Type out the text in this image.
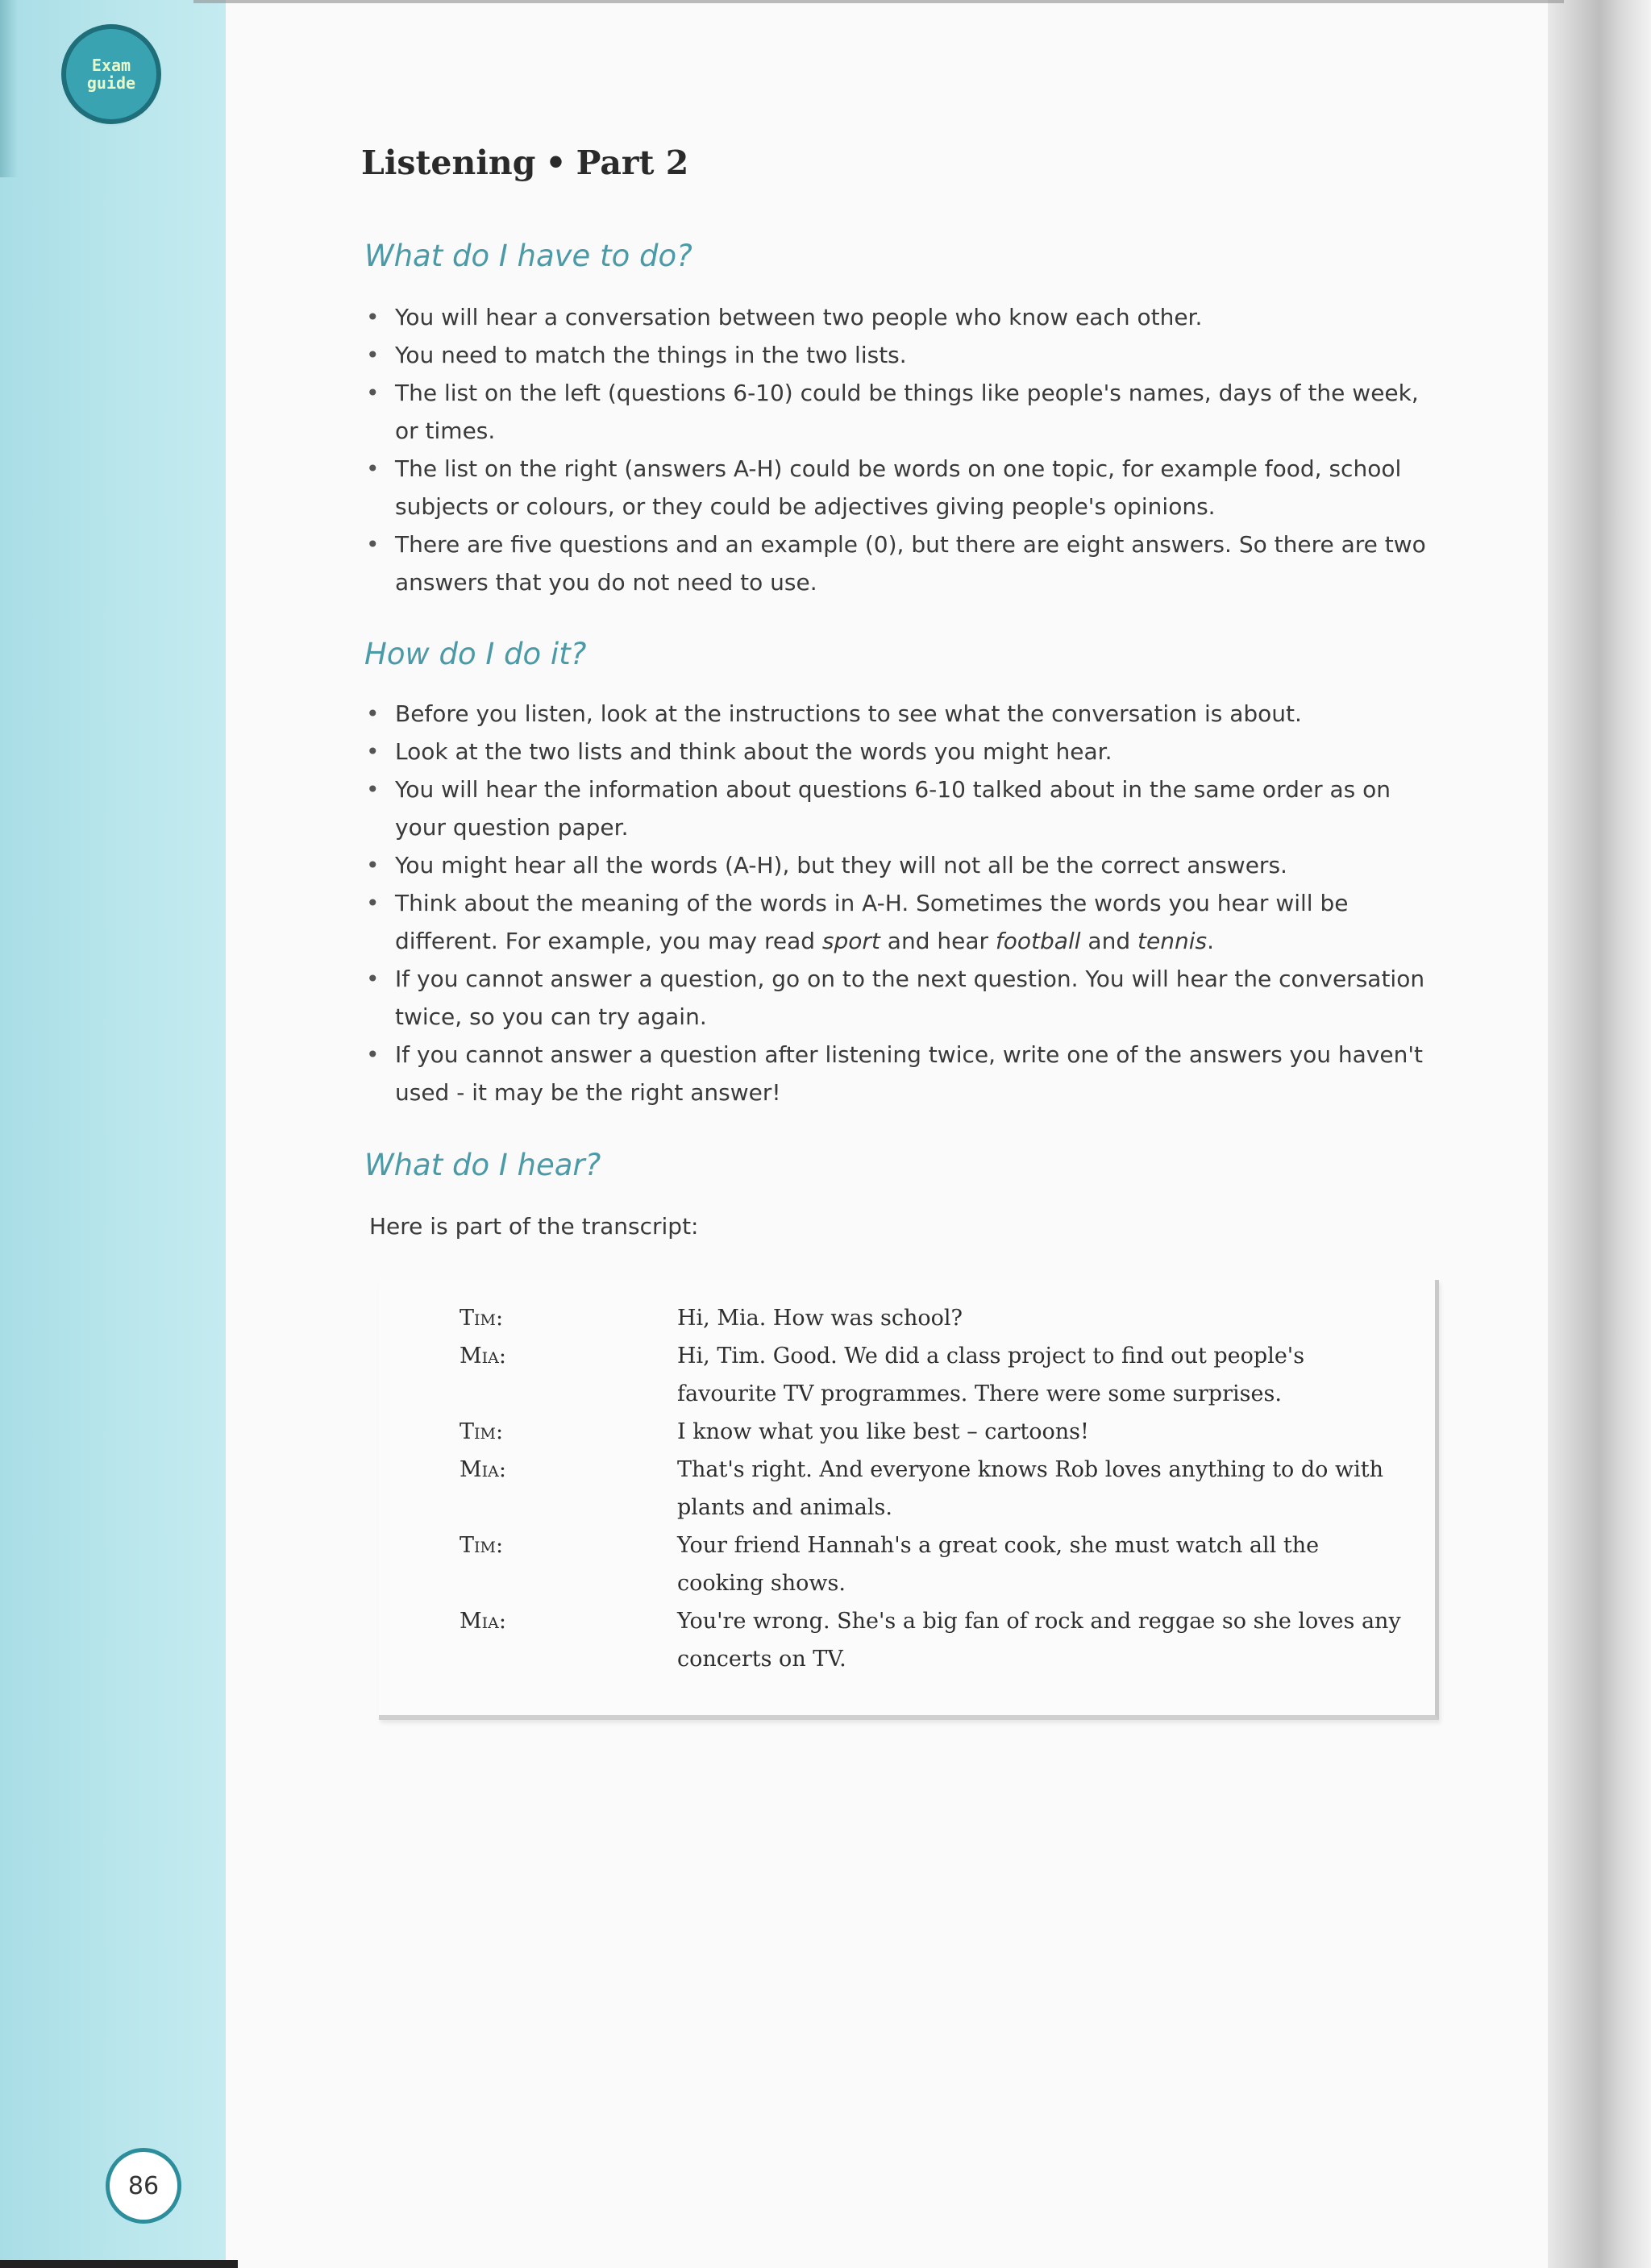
Exam
guide
86
Listening • Part 2
What do I have to do?
• You will hear a conversation between two people who know each other.
• You need to match the things in the two lists.
• The list on the left (questions 6-10) could be things like people's names, days of the week, or times.
• The list on the right (answers A-H) could be words on one topic, for example food, school subjects or colours, or they could be adjectives giving people's opinions.
• There are five questions and an example (0), but there are eight answers. So there are two answers that you do not need to use.
How do I do it?
• Before you listen, look at the instructions to see what the conversation is about.
• Look at the two lists and think about the words you might hear.
• You will hear the information about questions 6-10 talked about in the same order as on your question paper.
• You might hear all the words (A-H), but they will not all be the correct answers.
• Think about the meaning of the words in A-H. Sometimes the words you hear will be different. For example, you may read sport and hear football and tennis.
• If you cannot answer a question, go on to the next question. You will hear the conversation twice, so you can try again.
• If you cannot answer a question after listening twice, write one of the answers you haven't used - it may be the right answer!
What do I hear?

Here is part of the transcript:

Tim:	Hi, Mia. How was school?
Mia:	Hi, Tim. Good. We did a class project to find out people's favourite TV programmes. There were some surprises.
Tim:	I know what you like best – cartoons!
Mia:	That's right. And everyone knows Rob loves anything to do with plants and animals.
Tim:	Your friend Hannah's a great cook, she must watch all the cooking shows.
Mia:	You're wrong. She's a big fan of rock and reggae so she loves any concerts on TV.
